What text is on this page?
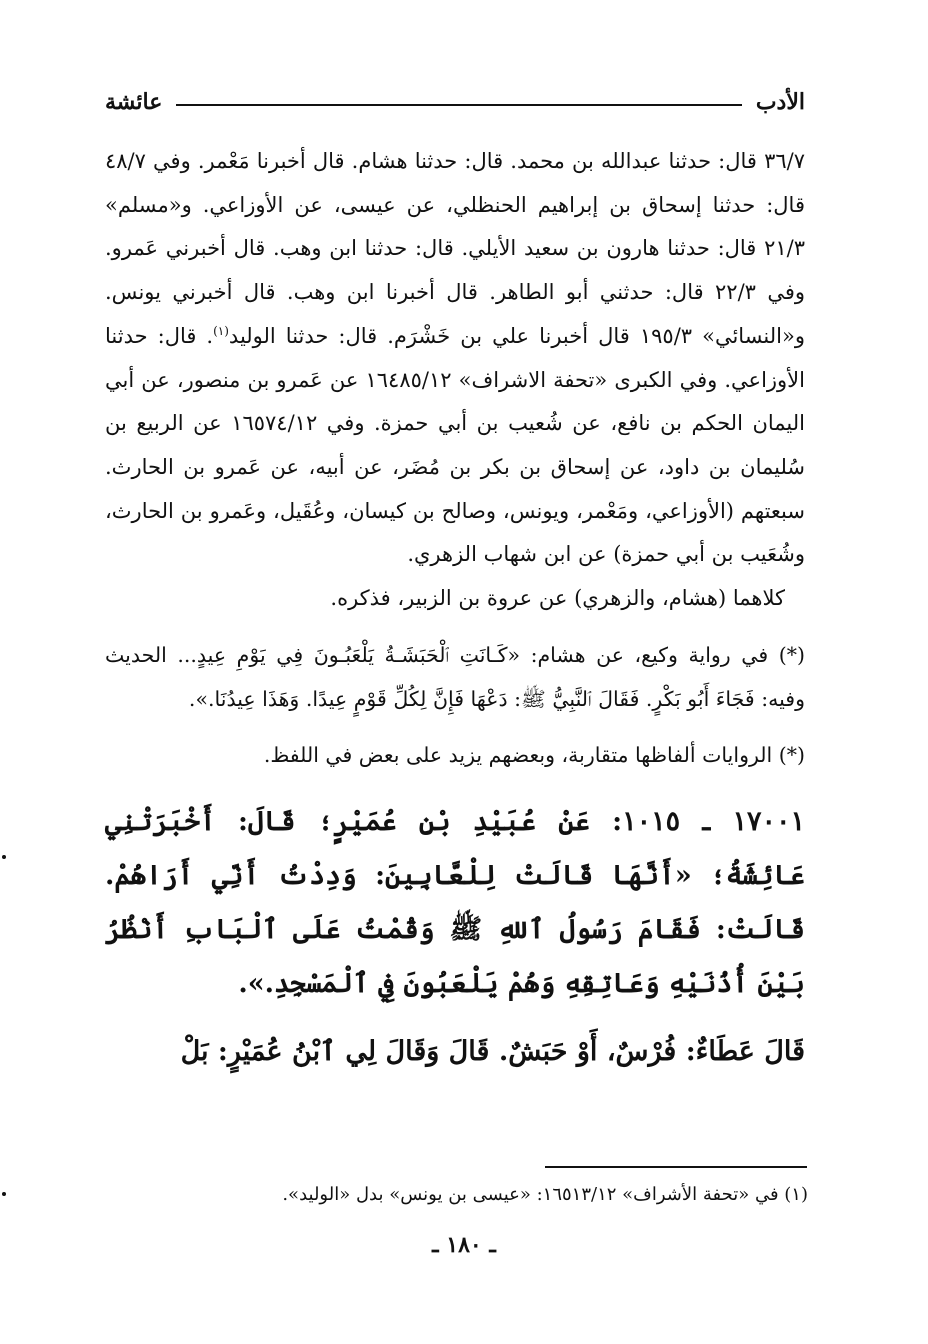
الأدب
عائشة

٣٦/٧ قال: حدثنا عبدالله بن محمد. قال: حدثنا هشام. قال أخبرنا مَعْمر. وفي ٤٨/٧ قال: حدثنا إسحاق بن إبراهيم الحنظلي، عن عيسى، عن الأوزاعي. و«مسلم» ٢١/٣ قال: حدثنا هارون بن سعيد الأيلي. قال: حدثنا ابن وهب. قال أخبرني عَمرو. وفي ٢٢/٣ قال: حدثني أبو الطاهر. قال أخبرنا ابن وهب. قال أخبرني يونس. و«النسائي» ١٩٥/٣ قال أخبرنا علي بن خَشْرَم. قال: حدثنا الوليد$^{(١)}$. قال: حدثنا الأوزاعي. وفي الكبرى «تحفة الاشراف» ١٦٤٨٥/١٢ عن عَمرو بن منصور، عن أبي اليمان الحكم بن نافع، عن شُعيب بن أبي حمزة. وفي ١٦٥٧٤/١٢ عن الربيع بن سُليمان بن داود، عن إسحاق بن بكر بن مُضَر، عن أبيه، عن عَمرو بن الحارث. سبعتهم (الأوزاعي، ومَعْمر، ويونس، وصالح بن كيسان، وعُقَيل، وعَمرو بن الحارث، وشُعَيب بن أبي حمزة) عن ابن شهاب الزهري.

كلاهما (هشام، والزهري) عن عروة بن الزبير، فذكره.

(*) في رواية وكيع، عن هشام: «كَـانَتِ ٱلْحَبَشَـةُ يَلْعَبُـونَ فِي يَوْمِ عِيدٍ... الحديث وفيه: فَجَاءَ أَبُو بَكْرٍ. فَقَالَ ٱلنَّبِيُّ ﷺ: دَعْهَا فَإِنَّ لِكُلِّ قَوْمٍ عِيدًا. وَهَذَا عِيدُنَا.».

(*) الروايات ألفاظها متقاربة، وبعضهم يزيد على بعض في اللفظ.

١٧٠٠١ ـ ١٠١٥: عَنْ عُبَيْدِ بْنِ عُمَيْرٍ؛ قَالَ: أَخْبَرَتْنِي عَائِشَةُ؛ «أَنَّهَا قَالَتْ لِلْعَّابِينَ: وَدِدْتُ أَنِّي أَرَاهُمْ. قَالَتْ: فَقَامَ رَسُولُ ٱللهِ ﷺ وَقُمْتُ عَلَى ٱلْبَابِ أَنْظُرُ بَيْنَ أُذُنَيْهِ وَعَاتِقِهِ وَهُمْ يَلْعَبُونَ فِي ٱلْمَسْجِدِ.».

قَالَ عَطَاءٌ: فُرْسٌ، أَوْ حَبَشٌ. قَالَ وَقَالَ لِي ٱبْنُ عُمَيْرٍ: بَلْ

(١) في «تحفة الأشراف» ١٦٥١٣/١٢: «عيسى بن يونس» بدل «الوليد».
ـ ١٨٠ ـ
